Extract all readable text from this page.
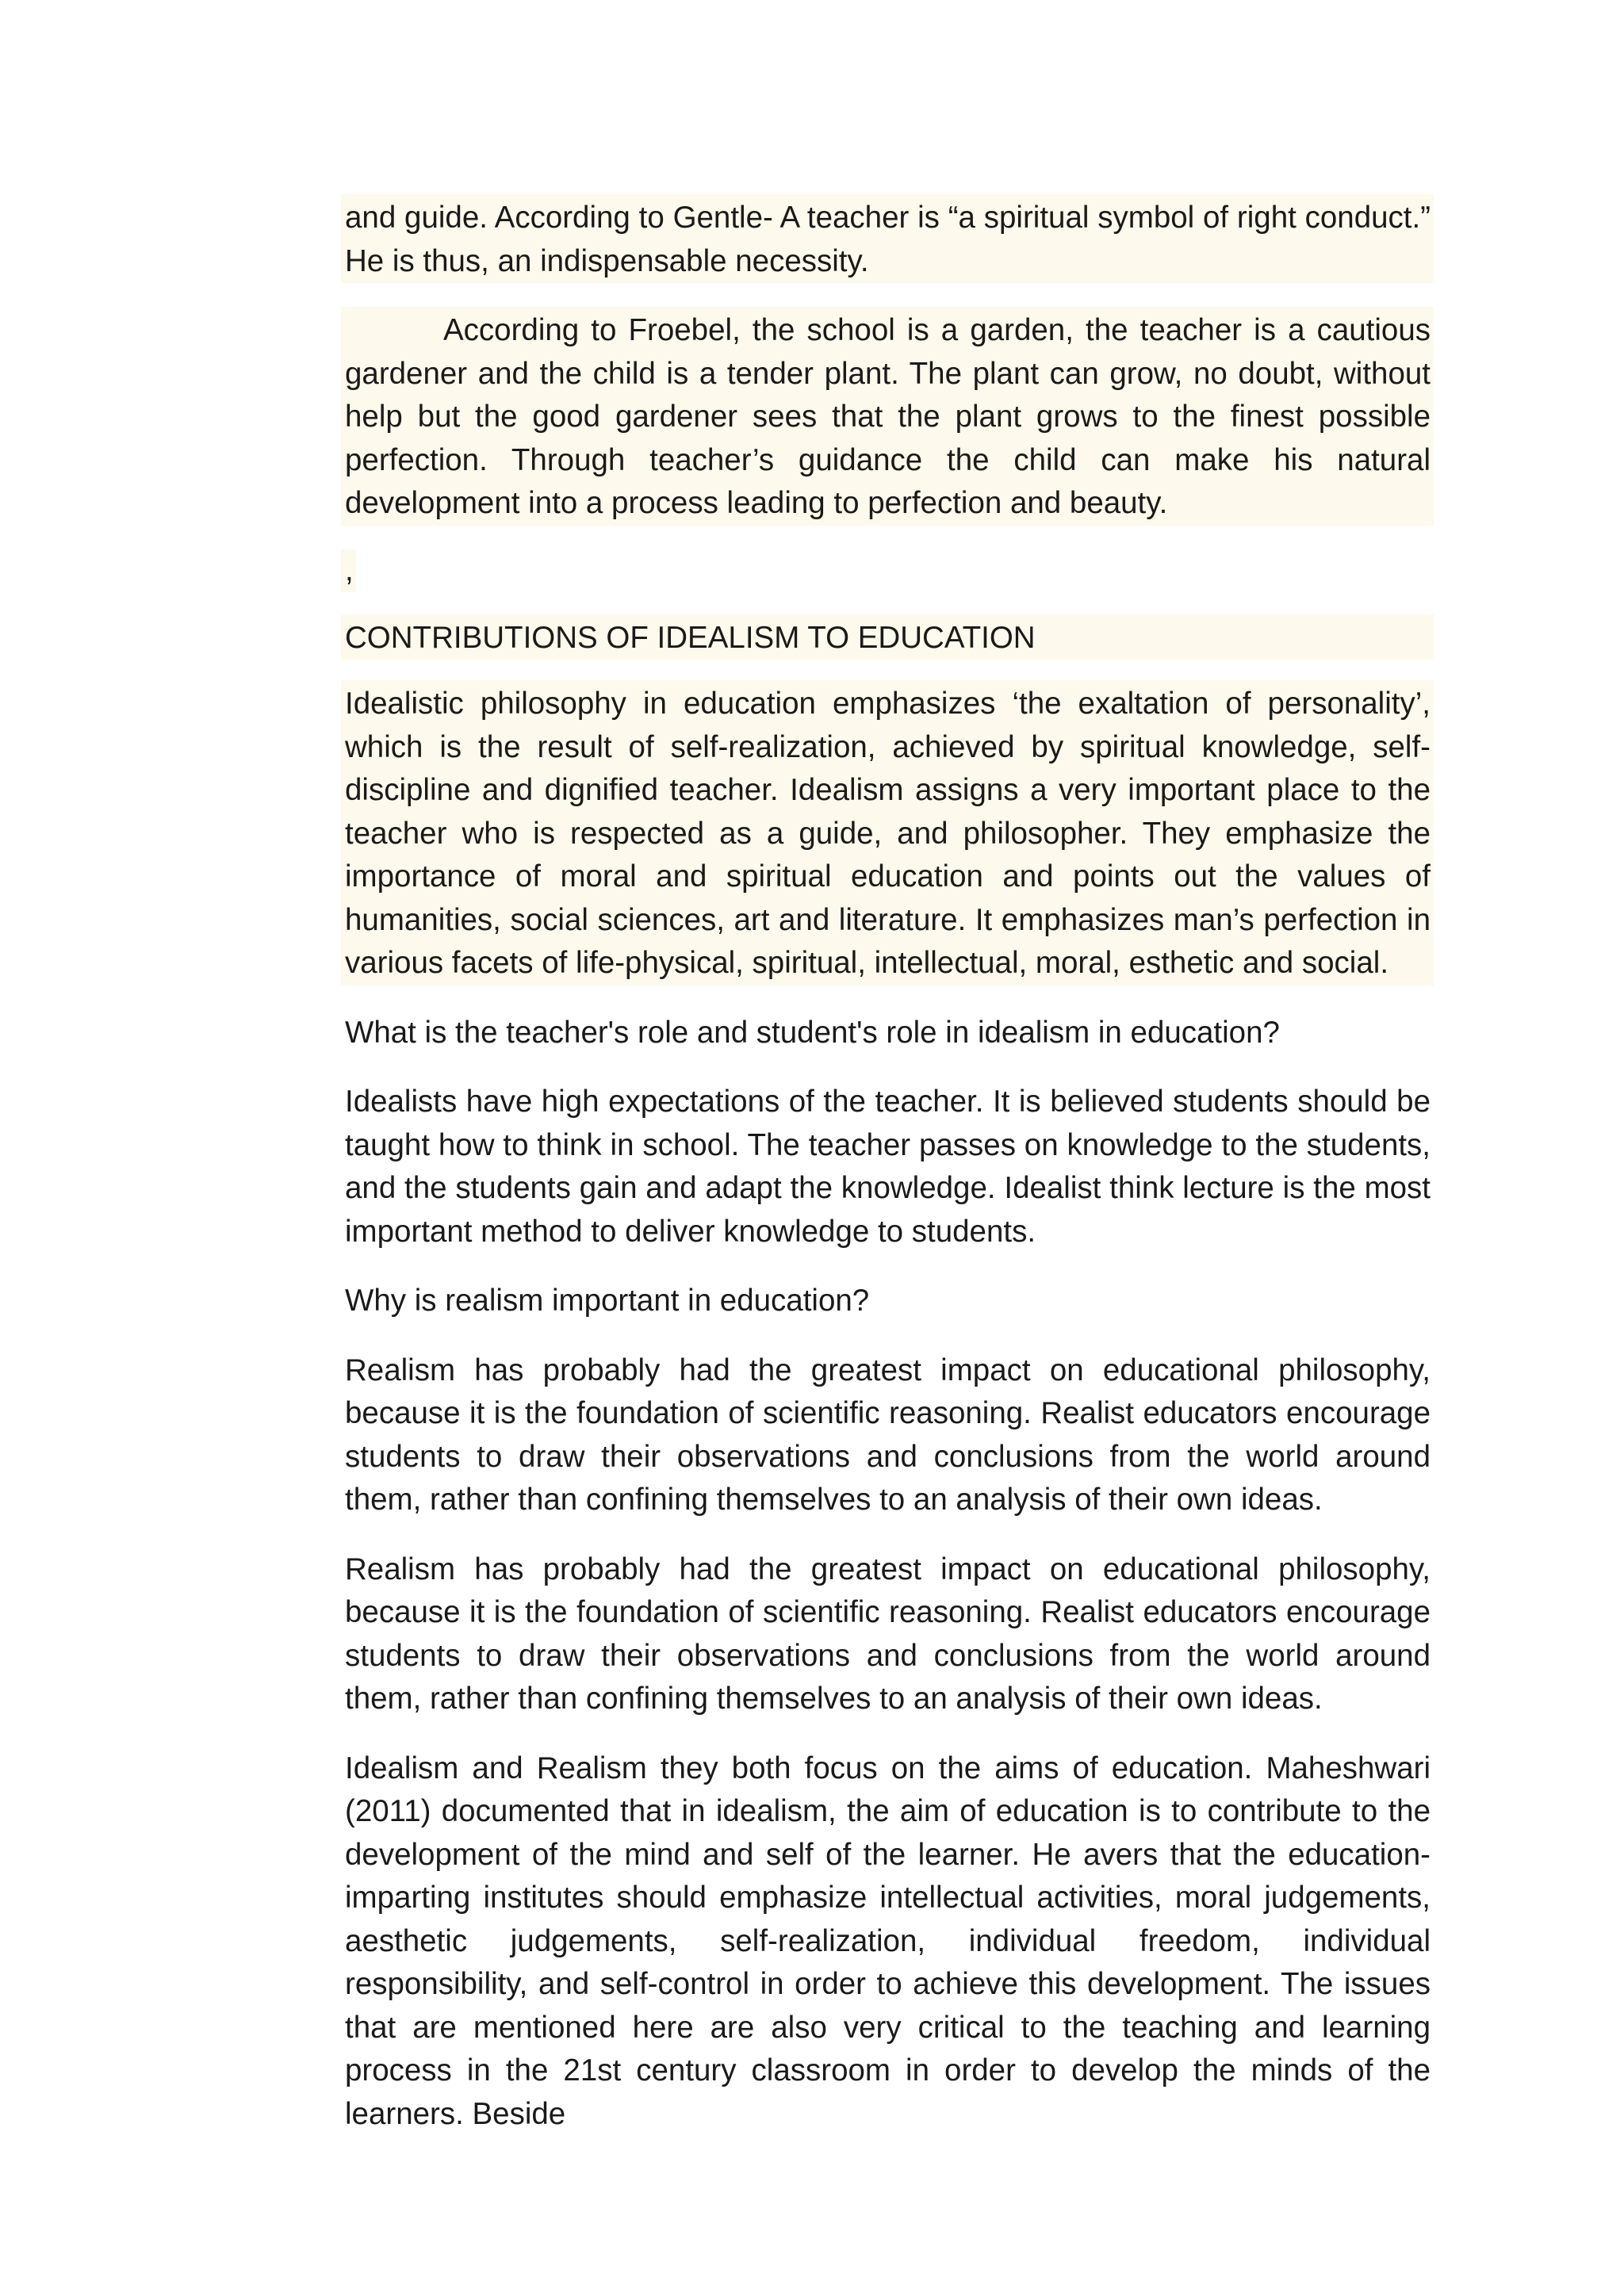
and guide. According to Gentle- A teacher is “a spiritual symbol of right conduct.” He is thus, an indispensable necessity.

According to Froebel, the school is a garden, the teacher is a cautious gardener and the child is a tender plant. The plant can grow, no doubt, without help but the good gardener sees that the plant grows to the finest possible perfection. Through teacher’s guidance the child can make his natural development into a process leading to perfection and beauty.

,

CONTRIBUTIONS OF IDEALISM TO EDUCATION

Idealistic philosophy in education emphasizes ‘the exaltation of personality’, which is the result of self-realization, achieved by spiritual knowledge, self-discipline and dignified teacher. Idealism assigns a very important place to the teacher who is respected as a guide, and philosopher. They emphasize the importance of moral and spiritual education and points out the values of humanities, social sciences, art and literature. It emphasizes man’s perfection in various facets of life-physical, spiritual, intellectual, moral, esthetic and social.

What is the teacher's role and student's role in idealism in education?

Idealists have high expectations of the teacher. It is believed students should be taught how to think in school. The teacher passes on knowledge to the students, and the students gain and adapt the knowledge. Idealist think lecture is the most important method to deliver knowledge to students.

Why is realism important in education?

Realism has probably had the greatest impact on educational philosophy, because it is the foundation of scientific reasoning. Realist educators encourage students to draw their observations and conclusions from the world around them, rather than confining themselves to an analysis of their own ideas.

Realism has probably had the greatest impact on educational philosophy, because it is the foundation of scientific reasoning. Realist educators encourage students to draw their observations and conclusions from the world around them, rather than confining themselves to an analysis of their own ideas.

Idealism and Realism they both focus on the aims of education. Maheshwari (2011) documented that in idealism, the aim of education is to contribute to the development of the mind and self of the learner. He avers that the education-imparting institutes should emphasize intellectual activities, moral judgements, aesthetic judgements, self-realization, individual freedom, individual responsibility, and self-control in order to achieve this development. The issues that are mentioned here are also very critical to the teaching and learning process in the 21st century classroom in order to develop the minds of the learners. Beside
